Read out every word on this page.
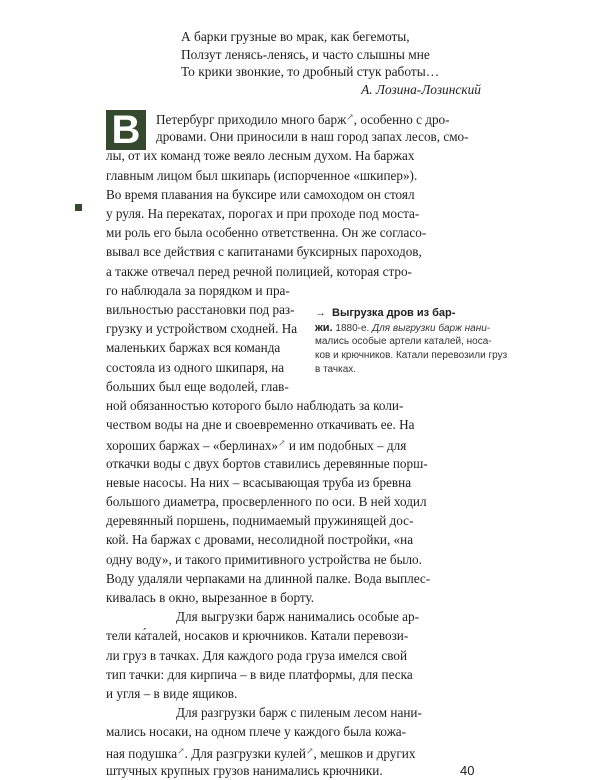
А барки грузные во мрак, как бегемоты,
Ползут ленясь-ленясь, и часто слышны мне
То крики звонкие, то дробный стук работы…
А. Лозина-Лозинский
В	Петербург приходило много барж↗, особенно с дро-
дровами. Они приносили в наш город запах лесов, смо-
лы, от их команд тоже веяло лесным духом. На баржах
главным лицом был шкипарь (испорченное «шкипер»).
Во время плавания на буксире или самоходом он стоял
у руля. На перекатах, порогах и при проходе под моста-
ми роль его была особенно ответственна. Он же согласо-
вывал все действия с капитанами буксирных пароходов,
а также отвечал перед речной полицией, которая стро-
го наблюдала за порядком и пра-
вильностью расстановки под раз-
грузку и устройством сходней. На
маленьких баржах вся команда
состояла из одного шкипаря, на
больших был еще водолей, глав-
ной обязанностью которого было наблюдать за коли-
чеством воды на дне и своевременно откачивать ее. На
хороших баржах – «берлинах»↗ и им подобных – для
откачки воды с двух бортов ставились деревянные порш-
невые насосы. На них – всасывающая труба из бревна
большого диаметра, просверленного по оси. В ней ходил
деревянный поршень, поднимаемый пружинящей дос-
кой. На баржах с дровами, несолидной постройки, «на
одну воду», и такого примитивного устройства не было.
Воду удаляли черпаками на длинной палке. Вода выплес-
кивалась в окно, вырезанное в борту.
Для выгрузки барж нанимались особые ар-
тели ка́талей, носаков и крючников. Катали перевози-
ли груз в тачках. Для каждого рода груза имелся свой
тип тачки: для кирпича – в виде платформы, для песка
и угля – в виде ящиков.
→ Выгрузка дров из бар-
жи. 1880-е. Для выгрузки барж нани-
мались особые артели каталей, носа-
ков и крючников. Катали перевозили груз
в тачках.
40
Для разгрузки барж с пиленым лесом нани-
мались носаки, на одном плече у каждого была кожа-
ная подушка↗. Для разгрузки кулей↗, мешков и других
штучных крупных грузов нанимались крючники.
